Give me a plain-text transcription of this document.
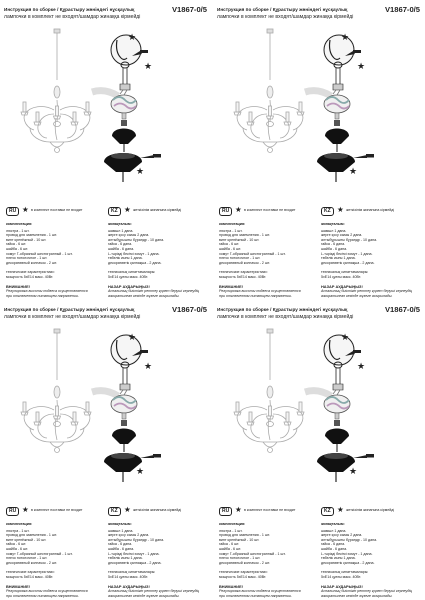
Инструкция по сборке / Құрастыру жөніндегі нұсқаулық	V1867-0/5
лампочки в комплект не входят/шамдар жинаққа кірмейді
★
★
★
RU ★ в комплект поставки не входит	KZ ★ жеткізілім жинағына кірмейді
комплектация:
люстра - 1 шт.
провод для заземления - 1 шт.
винт крепёжный - 10 шт.
гайка - 6 шт.
шайба - 6 шт.
хомут Г-образный шестигранный - 1 шт.
плечо потолочное - 1 шт.
декоративный колпачок - 2 шт.
технические характеристики:
мощность 5хЕ14 макс. 40Вт.
ВНИМАНИЕ!
Регулировка высоты подвеса осуществляется
при отключенном питающем напряжении.
жинақталым:
шамшл 1 дана.
жерге қосу сымы 2 дана.
алтыбұрышты бұрандр - 10 дана.
гайка - 6 дана.
шайба - 6 дана.
L-тәрізді бекіткі хомут - 1 дана.
төбелік иығы 1 дана.
декоративтік қалпақша - 2 дана.
техникалық сипаттамалары:
5хЕ14 қуаты макс. 40Вт.
НАЗАР АУДАРЫҢЫЗ!
Аспалының биіктігін реттеу қорет беруші кернеудің
ажыратылған кезінде жүзеге асырылады.
Инструкция по сборке / Құрастыру жөніндегі нұсқаулық	V1867-0/5
лампочки в комплект не входят/шамдар жинаққа кірмейді
★
★
★
RU ★ в комплект поставки не входит	KZ ★ жеткізілім жинағына кірмейді
комплектация:
люстра - 1 шт.
провод для заземления - 1 шт.
винт крепёжный - 10 шт.
гайка - 6 шт.
шайба - 6 шт.
хомут Г-образный шестигранный - 1 шт.
плечо потолочное - 1 шт.
декоративный колпачок - 2 шт.
технические характеристики:
мощность 5хЕ14 макс. 40Вт.
ВНИМАНИЕ!
Регулировка высоты подвеса осуществляется
при отключенном питающем напряжении.
жинақталым:
шамшл 1 дана.
жерге қосу сымы 2 дана.
алтыбұрышты бұрандр - 10 дана.
гайка - 6 дана.
шайба - 6 дана.
L-тәрізді бекіткі хомут - 1 дана.
төбелік иығы 1 дана.
декоративтік қалпақша - 2 дана.
техникалық сипаттамалары:
5хЕ14 қуаты макс. 40Вт.
НАЗАР АУДАРЫҢЫЗ!
Аспалының биіктігін реттеу қорет беруші кернеудің
ажыратылған кезінде жүзеге асырылады.
Инструкция по сборке / Құрастыру жөніндегі нұсқаулық	V1867-0/5
лампочки в комплект не входят/шамдар жинаққа кірмейді
★
★
★
RU ★ в комплект поставки не входит	KZ ★ жеткізілім жинағына кірмейді
комплектация:
люстра - 1 шт.
провод для заземления - 1 шт.
винт крепёжный - 10 шт.
гайка - 6 шт.
шайба - 6 шт.
хомут Г-образный шестигранный - 1 шт.
плечо потолочное - 1 шт.
декоративный колпачок - 2 шт.
технические характеристики:
мощность 5хЕ14 макс. 40Вт.
ВНИМАНИЕ!
Регулировка высоты подвеса осуществляется
при отключенном питающем напряжении.
жинақталым:
шамшл 1 дана.
жерге қосу сымы 2 дана.
алтыбұрышты бұрандр - 10 дана.
гайка - 6 дана.
шайба - 6 дана.
L-тәрізді бекіткі хомут - 1 дана.
төбелік иығы 1 дана.
декоративтік қалпақша - 2 дана.
техникалық сипаттамалары:
5хЕ14 қуаты макс. 40Вт.
НАЗАР АУДАРЫҢЫЗ!
Аспалының биіктігін реттеу қорет беруші кернеудің
ажыратылған кезінде жүзеге асырылады.
Инструкция по сборке / Құрастыру жөніндегі нұсқаулық	V1867-0/5
лампочки в комплект не входят/шамдар жинаққа кірмейді
★
★
★
RU ★ в комплект поставки не входит	KZ ★ жеткізілім жинағына кірмейді
комплектация:
люстра - 1 шт.
провод для заземления - 1 шт.
винт крепёжный - 10 шт.
гайка - 6 шт.
шайба - 6 шт.
хомут Г-образный шестигранный - 1 шт.
плечо потолочное - 1 шт.
декоративный колпачок - 2 шт.
технические характеристики:
мощность 5хЕ14 макс. 40Вт.
ВНИМАНИЕ!
Регулировка высоты подвеса осуществляется
при отключенном питающем напряжении.
жинақталым:
шамшл 1 дана.
жерге қосу сымы 2 дана.
алтыбұрышты бұрандр - 10 дана.
гайка - 6 дана.
шайба - 6 дана.
L-тәрізді бекіткі хомут - 1 дана.
төбелік иығы 1 дана.
декоративтік қалпақша - 2 дана.
техникалық сипаттамалары:
5хЕ14 қуаты макс. 40Вт.
НАЗАР АУДАРЫҢЫЗ!
Аспалының биіктігін реттеу қорет беруші кернеудің
ажыратылған кезінде жүзеге асырылады.
